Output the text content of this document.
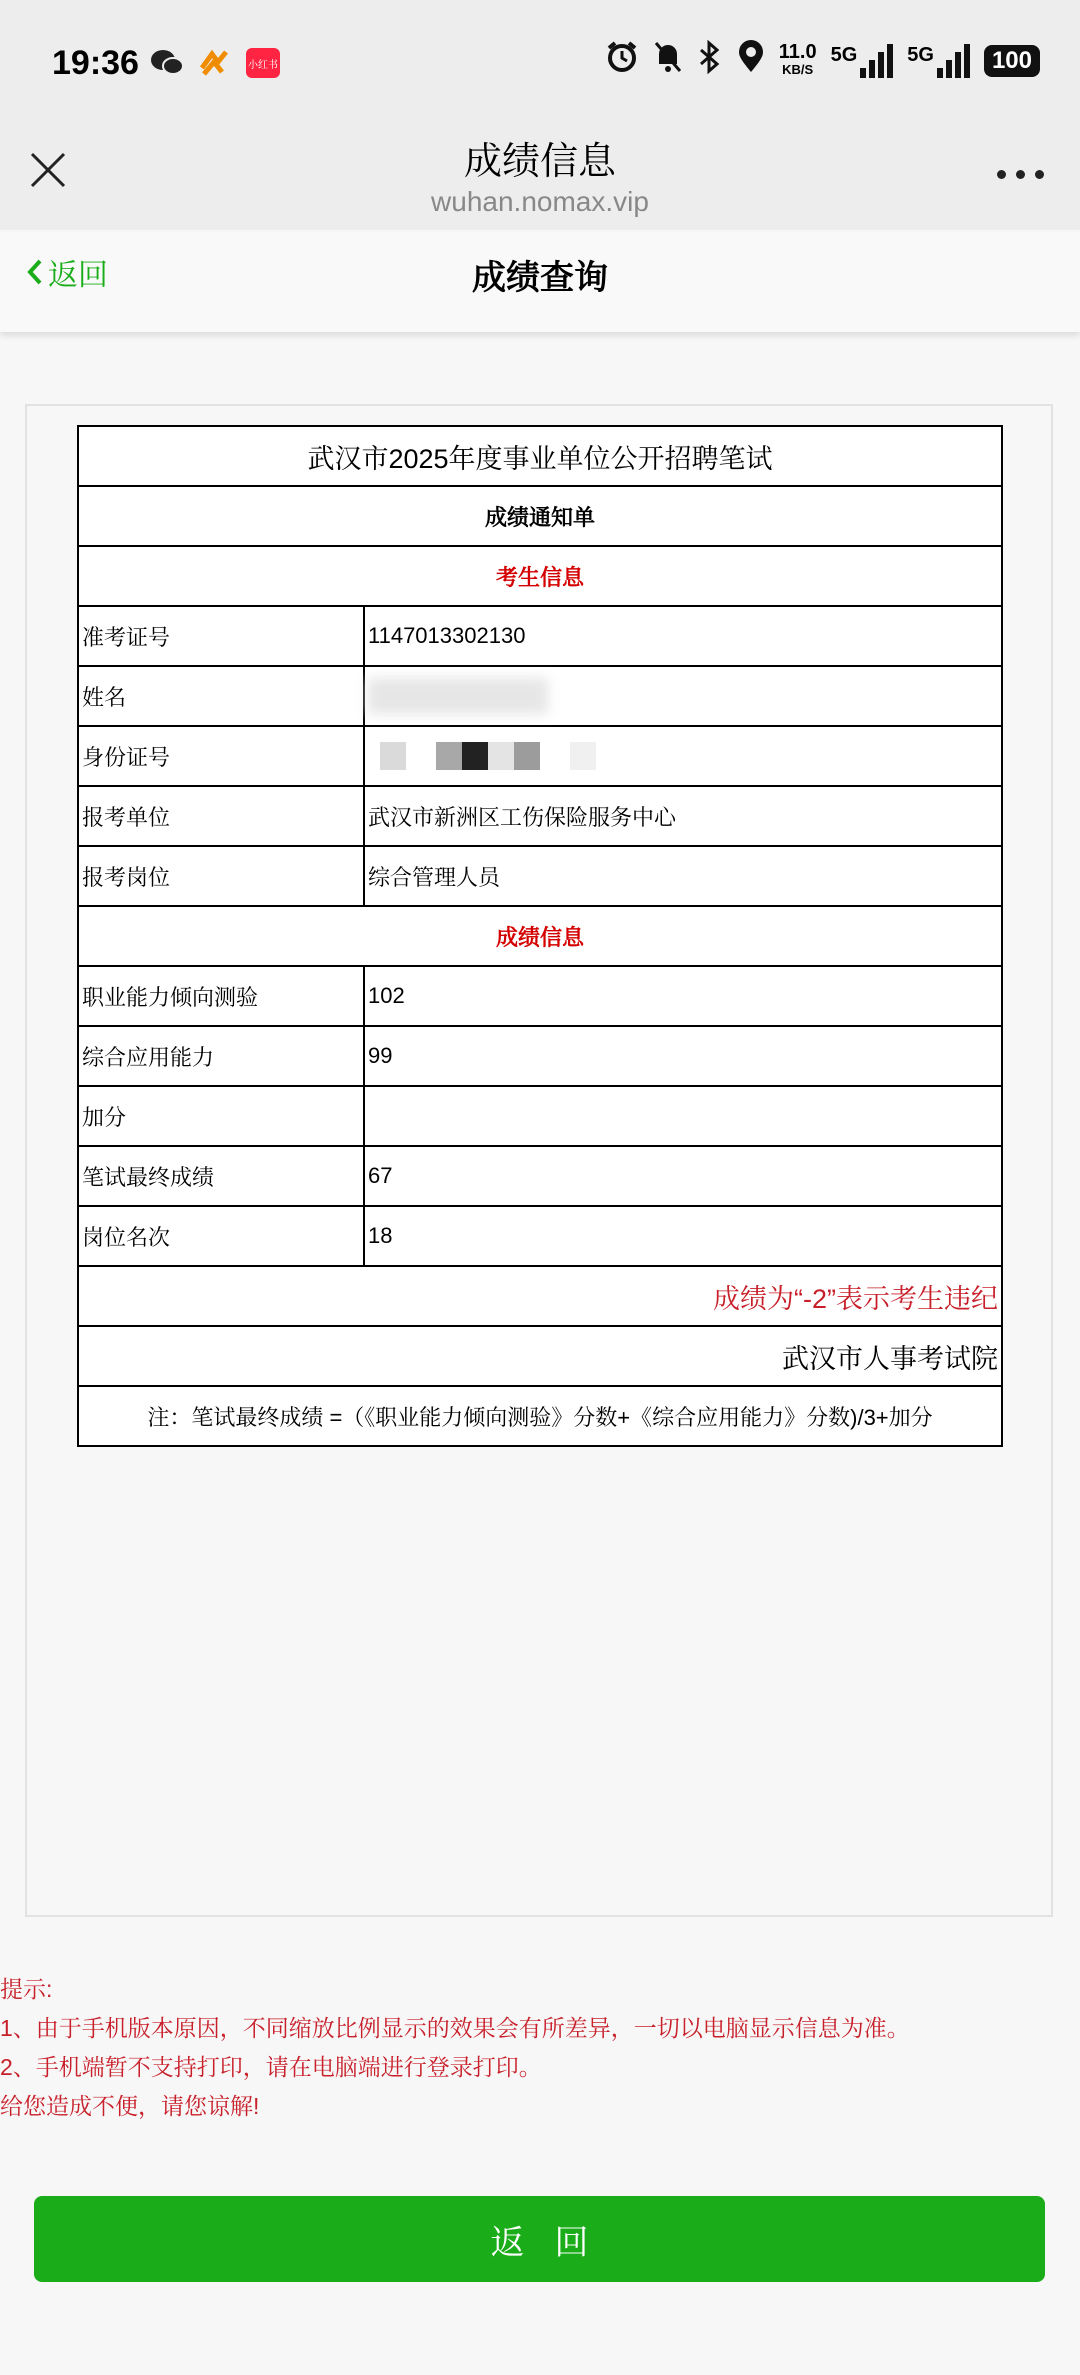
19:36	小红书
11.0
KB/S
5G	5G	100
成绩信息
wuhan.nomax.vip
返回	成绩查询
武汉市2025年度事业单位公开招聘笔试	
成绩通知单	
考生信息	
准考证号	1147013302130
姓名	
身份证号	

报考单位	武汉市新洲区工伤保险服务中心
报考岗位	综合管理人员
成绩信息	
职业能力倾向测验	102
综合应用能力	99
加分	
笔试最终成绩	67
岗位名次	18
成绩为“-2”表示考生违纪	
武汉市人事考试院	
注：笔试最终成绩 =（《职业能力倾向测验》分数+《综合应用能力》分数)/3+加分	
提示:
1、由于手机版本原因，不同缩放比例显示的效果会有所差异，一切以电脑显示信息为准。
2、手机端暂不支持打印，请在电脑端进行登录打印。
给您造成不便，请您谅解!
返回
